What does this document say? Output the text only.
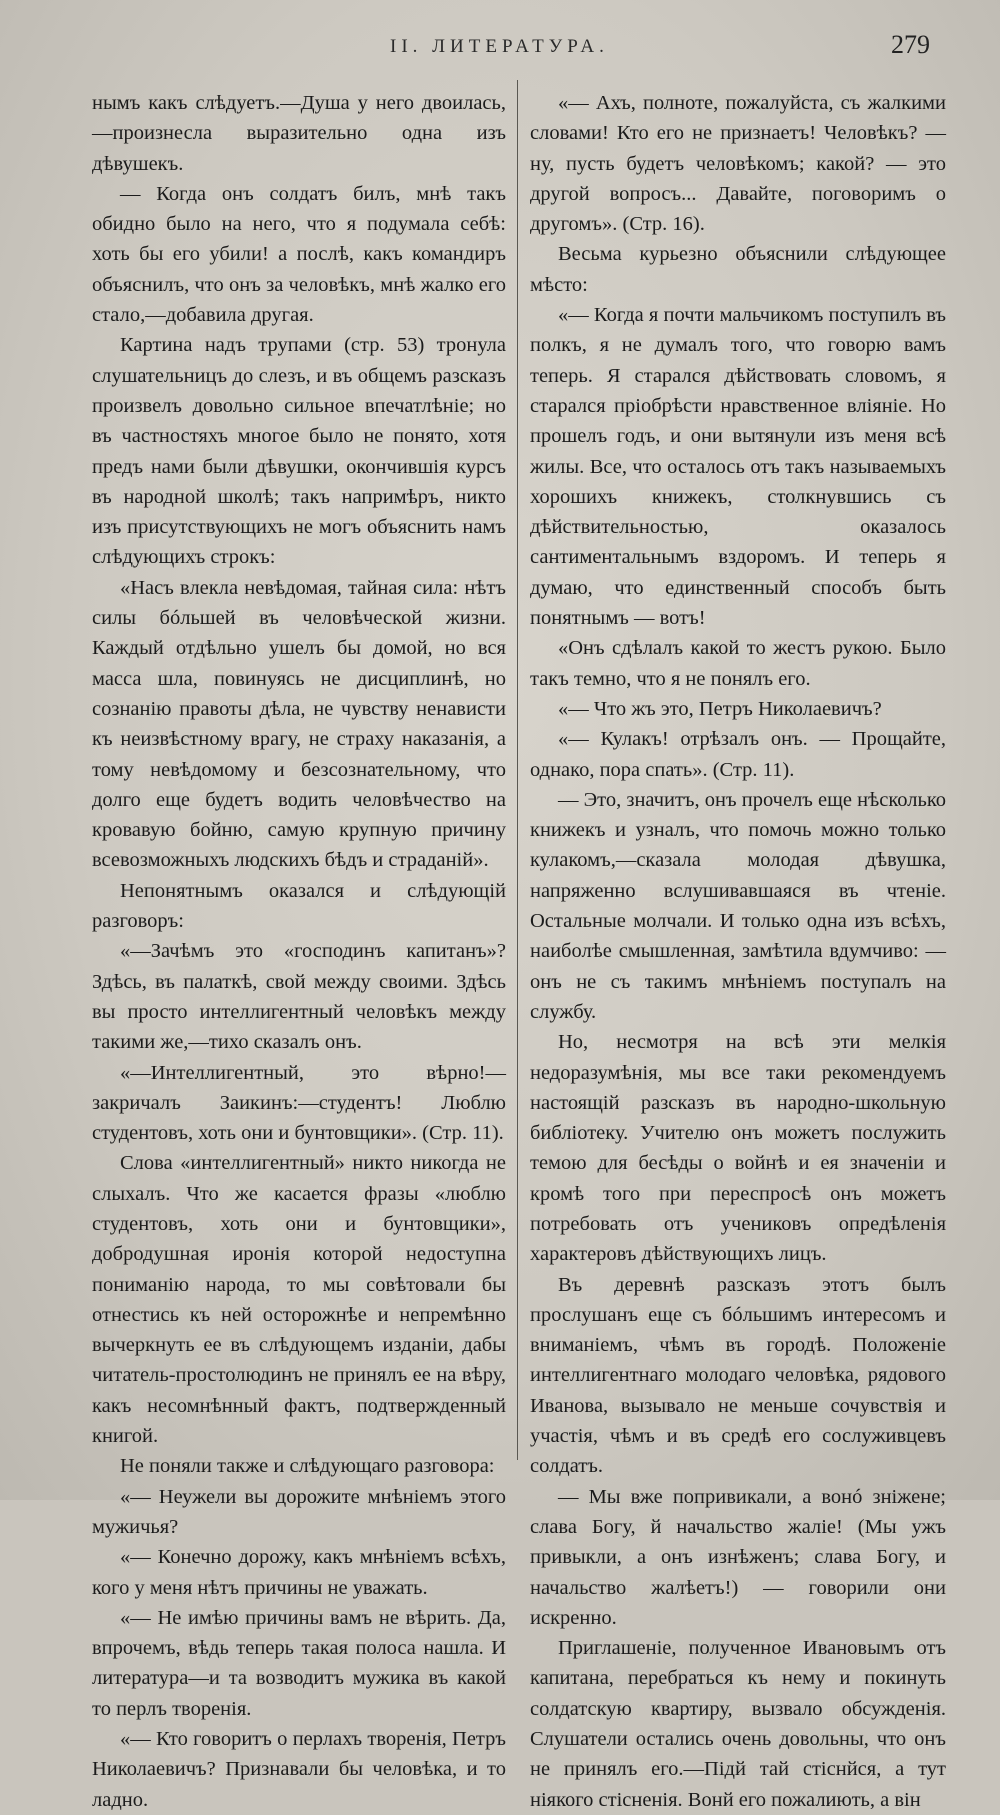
II. ЛИТЕРАТУРА.	279

нымъ какъ слѣдуетъ.—Душа у него двоилась,—произнесла выразительно одна изъ дѣвушекъ.

— Когда онъ солдатъ билъ, мнѣ такъ обидно было на него, что я подумала себѣ: хоть бы его убили! а послѣ, какъ командиръ объяснилъ, что онъ за человѣкъ, мнѣ жалко его стало,—добавила другая.

Картина надъ трупами (стр. 53) тронула слушательницъ до слезъ, и въ общемъ разсказъ произвелъ довольно сильное впечатлѣніе; но въ частностяхъ многое было не понято, хотя предъ нами были дѣвушки, окончившія курсъ въ народной школѣ; такъ напримѣръ, никто изъ присутствующихъ не могъ объяснить намъ слѣдующихъ строкъ:

«Насъ влекла невѣдомая, тайная сила: нѣтъ силы бóльшей въ человѣческой жизни. Каждый отдѣльно ушелъ бы домой, но вся масса шла, повинуясь не дисциплинѣ, но сознанію правоты дѣла, не чувству ненависти къ неизвѣстному врагу, не страху наказанія, а тому невѣдомому и безсознательному, что долго еще будетъ водить человѣчество на кровавую бойню, самую крупную причину всевозможныхъ людскихъ бѣдъ и страданій».

Непонятнымъ оказался и слѣдующій разговоръ:

«—Зачѣмъ это «господинъ капитанъ»? Здѣсь, въ палаткѣ, свой между своими. Здѣсь вы просто интеллигентный человѣкъ между такими же,—тихо сказалъ онъ.

«—Интеллигентный, это вѣрно!—закричалъ Заикинъ:—студентъ! Люблю студентовъ, хоть они и бунтовщики». (Стр. 11).

Слова «интеллигентный» никто никогда не слыхалъ. Что же касается фразы «люблю студентовъ, хоть они и бунтовщики», добродушная иронія которой недоступна пониманію народа, то мы совѣтовали бы отнестись къ ней осторожнѣе и непремѣнно вычеркнуть ее въ слѣдующемъ изданіи, дабы читатель-простолюдинъ не принялъ ее на вѣру, какъ несомнѣнный фактъ, подтвержденный книгой.

Не поняли также и слѣдующаго разговора:

«— Неужели вы дорожите мнѣніемъ этого мужичья?

«— Конечно дорожу, какъ мнѣніемъ всѣхъ, кого у меня нѣтъ причины не уважать.

«— Не имѣю причины вамъ не вѣрить. Да, впрочемъ, вѣдь теперь такая полоса нашла. И литература—и та возводитъ мужика въ какой то перлъ творенія.

«— Кто говоритъ о перлахъ творенія, Петръ Николаевичъ? Признавали бы человѣка, и то ладно.

«— Ахъ, полноте, пожалуйста, съ жалкими словами! Кто его не признаетъ! Человѣкъ? — ну, пусть будетъ человѣкомъ; какой? — это другой вопросъ... Давайте, поговоримъ о другомъ». (Стр. 16).

Весьма курьезно объяснили слѣдующее мѣсто:

«— Когда я почти мальчикомъ поступилъ въ полкъ, я не думалъ того, что говорю вамъ теперь. Я старался дѣйствовать словомъ, я старался пріобрѣсти нравственное вліяніе. Но прошелъ годъ, и они вытянули изъ меня всѣ жилы. Все, что осталось отъ такъ называемыхъ хорошихъ книжекъ, столкнувшись съ дѣйствительностью, оказалось сантиментальнымъ вздоромъ. И теперь я думаю, что единственный способъ быть понятнымъ — вотъ!

«Онъ сдѣлалъ какой то жестъ рукою. Было такъ темно, что я не понялъ его.

«— Что жъ это, Петръ Николаевичъ?

«— Кулакъ! отрѣзалъ онъ. — Прощайте, однако, пора спать». (Стр. 11).

— Это, значитъ, онъ прочелъ еще нѣсколько книжекъ и узналъ, что помочь можно только кулакомъ,—сказала молодая дѣвушка, напряженно вслушивавшаяся въ чтеніе. Остальные молчали. И только одна изъ всѣхъ, наиболѣе смышленная, замѣтила вдумчиво: — онъ не съ такимъ мнѣніемъ поступалъ на службу.

Но, несмотря на всѣ эти мелкія недоразумѣнія, мы все таки рекомендуемъ настоящій разсказъ въ народно-школьную библіотеку. Учителю онъ можетъ послужить темою для бесѣды о войнѣ и ея значеніи и кромѣ того при переспросѣ онъ можетъ потребовать отъ учениковъ опредѣленія характеровъ дѣйствующихъ лицъ.

Въ деревнѣ разсказъ этотъ былъ прослушанъ еще съ бóльшимъ интересомъ и вниманіемъ, чѣмъ въ городѣ. Положеніе интеллигентнаго молодаго человѣка, рядового Иванова, вызывало не меньше сочувствія и участія, чѣмъ и въ средѣ его сослуживцевъ солдатъ.

— Мы вже попривикали, а вонó зніжене; слава Богу, й начальство жаліе! (Мы ужъ привыкли, а онъ изнѣженъ; слава Богу, и начальство жалѣетъ!) — говорили они искренно.

Приглашеніе, полученное Ивановымъ отъ капитана, перебраться къ нему и покинуть солдатскую квартиру, вызвало обсужденія. Слушатели остались очень довольны, что онъ не принялъ его.—Підй тай стіснйся, а тут ніякого стісненія. Вонй его пожалиють, а він
